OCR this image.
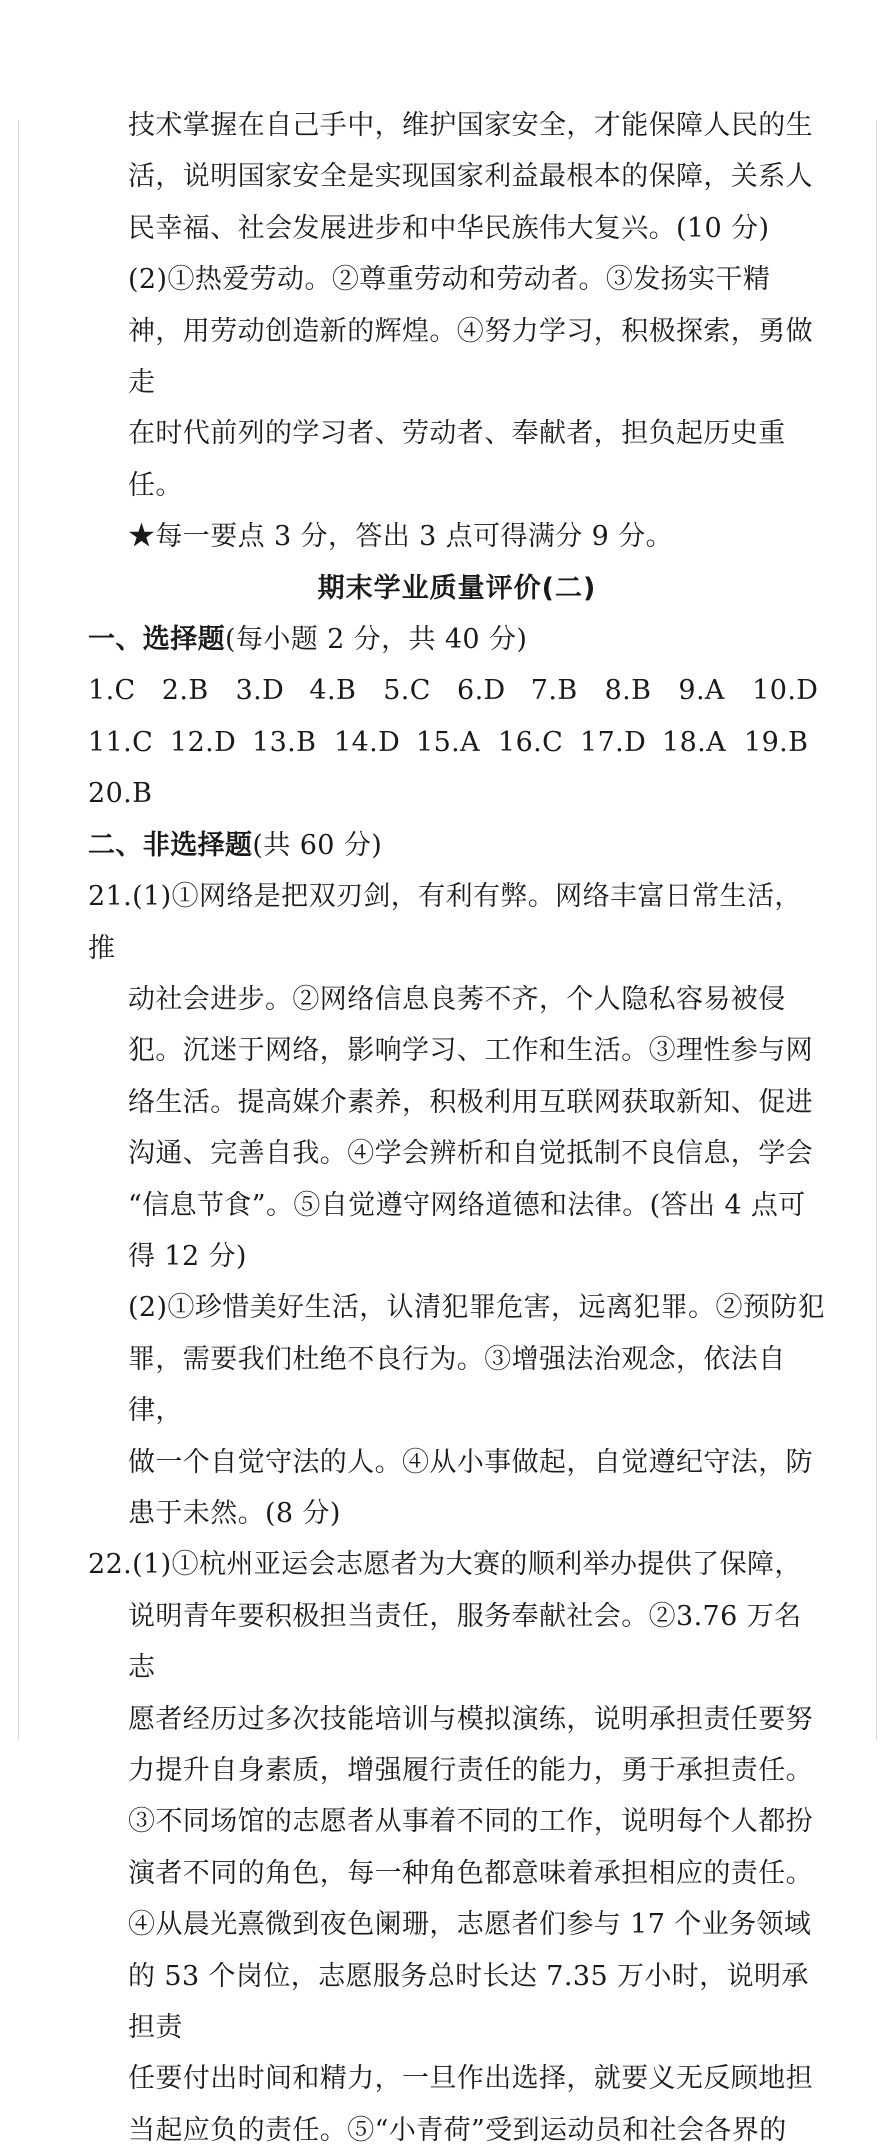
技术掌握在自己手中，维护国家安全，才能保障人民的生

活，说明国家安全是实现国家利益最根本的保障，关系人

民幸福、社会发展进步和中华民族伟大复兴。(10 分)

(2)①热爱劳动。②尊重劳动和劳动者。③发扬实干精

神，用劳动创造新的辉煌。④努力学习，积极探索，勇做走

在时代前列的学习者、劳动者、奉献者，担负起历史重任。

★每一要点 3 分，答出 3 点可得满分 9 分。

期末学业质量评价(二)

一、选择题(每小题 2 分，共 40 分)

1.C 2.B 3.D 4.B 5.C 6.D 7.B 8.B 9.A	10.D

11.C 12.D 13.B 14.D 15.A 16.C 17.D 18.A 19.B

20.B

二、非选择题(共 60 分)

21.(1)①网络是把双刃剑，有利有弊。网络丰富日常生活，推

动社会进步。②网络信息良莠不齐，个人隐私容易被侵

犯。沉迷于网络，影响学习、工作和生活。③理性参与网

络生活。提高媒介素养，积极利用互联网获取新知、促进

沟通、完善自我。④学会辨析和自觉抵制不良信息，学会

“信息节食”。⑤自觉遵守网络道德和法律。(答出 4 点可

得 12 分)

(2)①珍惜美好生活，认清犯罪危害，远离犯罪。②预防犯

罪，需要我们杜绝不良行为。③增强法治观念，依法自律，

做一个自觉守法的人。④从小事做起，自觉遵纪守法，防

患于未然。(8 分)

22.(1)①杭州亚运会志愿者为大赛的顺利举办提供了保障，

说明青年要积极担当责任，服务奉献社会。②3.76 万名志

愿者经历过多次技能培训与模拟演练，说明承担责任要努

力提升自身素质，增强履行责任的能力，勇于承担责任。

③不同场馆的志愿者从事着不同的工作，说明每个人都扮

演者不同的角色，每一种角色都意味着承担相应的责任。

④从晨光熹微到夜色阑珊，志愿者们参与 17 个业务领域

的 53 个岗位，志愿服务总时长达 7.35 万小时，说明承担责

任要付出时间和精力，一旦作出选择，就要义无反顾地担

当起应负的责任。⑤“小青荷”受到运动员和社会各界的
